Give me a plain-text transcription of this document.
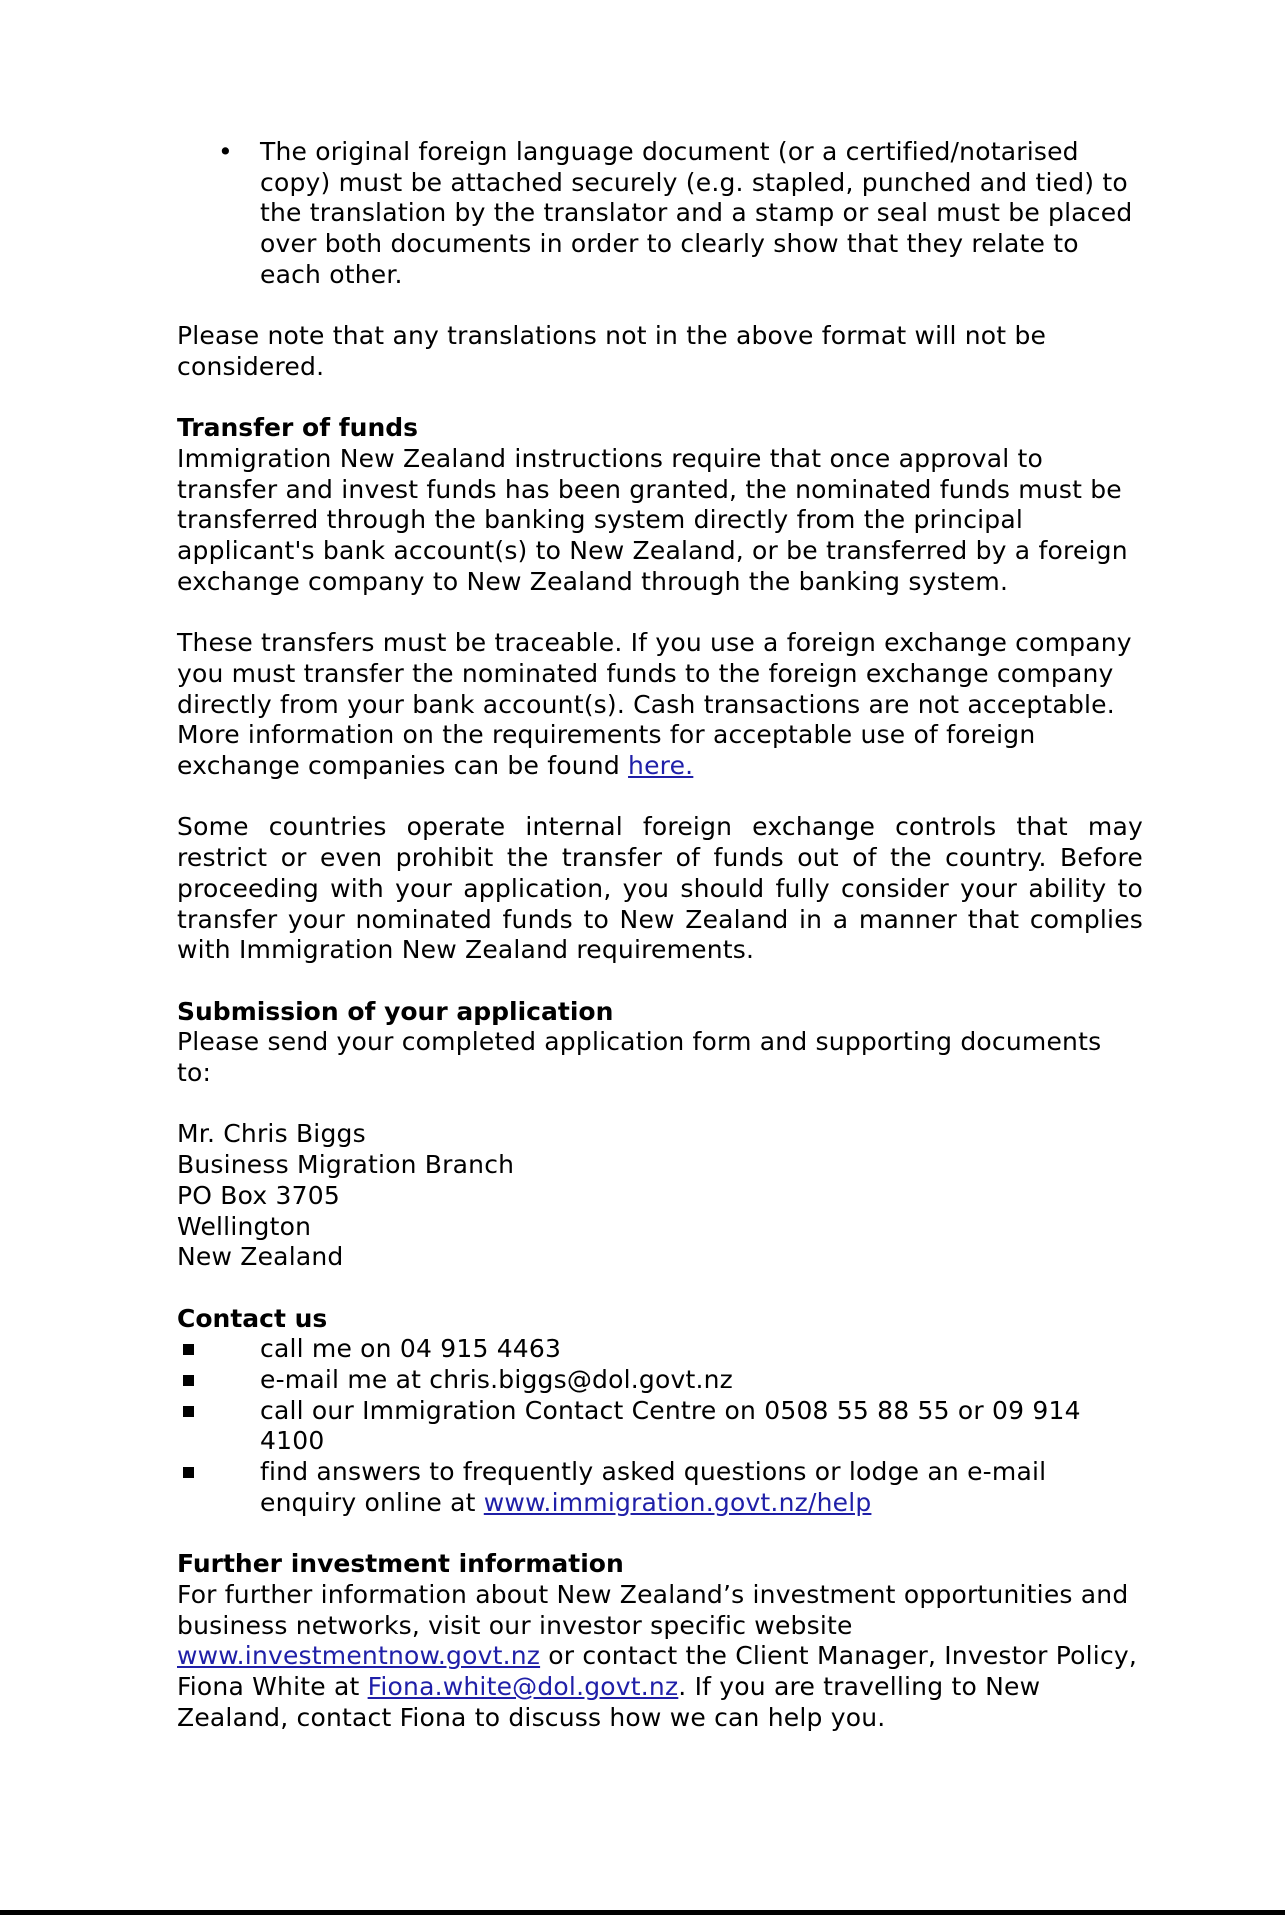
• The original foreign language document (or a certified/notarised copy) must be attached securely (e.g. stapled, punched and tied) to the translation by the translator and a stamp or seal must be placed over both documents in order to clearly show that they relate to each other.

Please note that any translations not in the above format will not be considered.

Transfer of funds

Immigration New Zealand instructions require that once approval to transfer and invest funds has been granted, the nominated funds must be transferred through the banking system directly from the principal applicant's bank account(s) to New Zealand, or be transferred by a foreign exchange company to New Zealand through the banking system.

These transfers must be traceable. If you use a foreign exchange company you must transfer the nominated funds to the foreign exchange company directly from your bank account(s). Cash transactions are not acceptable. More information on the requirements for acceptable use of foreign exchange companies can be found here.

Some countries operate internal foreign exchange controls that may restrict or even prohibit the transfer of funds out of the country. Before proceeding with your application, you should fully consider your ability to transfer your nominated funds to New Zealand in a manner that complies with Immigration New Zealand requirements.

Submission of your application

Please send your completed application form and supporting documents to:

Mr. Chris Biggs
Business Migration Branch
PO Box 3705
Wellington
New Zealand

Contact us

call me on 04 915 4463

e-mail me at chris.biggs@dol.govt.nz

call our Immigration Contact Centre on 0508 55 88 55 or 09 914 4100

find answers to frequently asked questions or lodge an e-mail enquiry online at www.immigration.govt.nz/help

Further investment information

For further information about New Zealand’s investment opportunities and business networks, visit our investor specific website www.investmentnow.govt.nz or contact the Client Manager, Investor Policy, Fiona White at Fiona.white@dol.govt.nz. If you are travelling to New Zealand, contact Fiona to discuss how we can help you.
